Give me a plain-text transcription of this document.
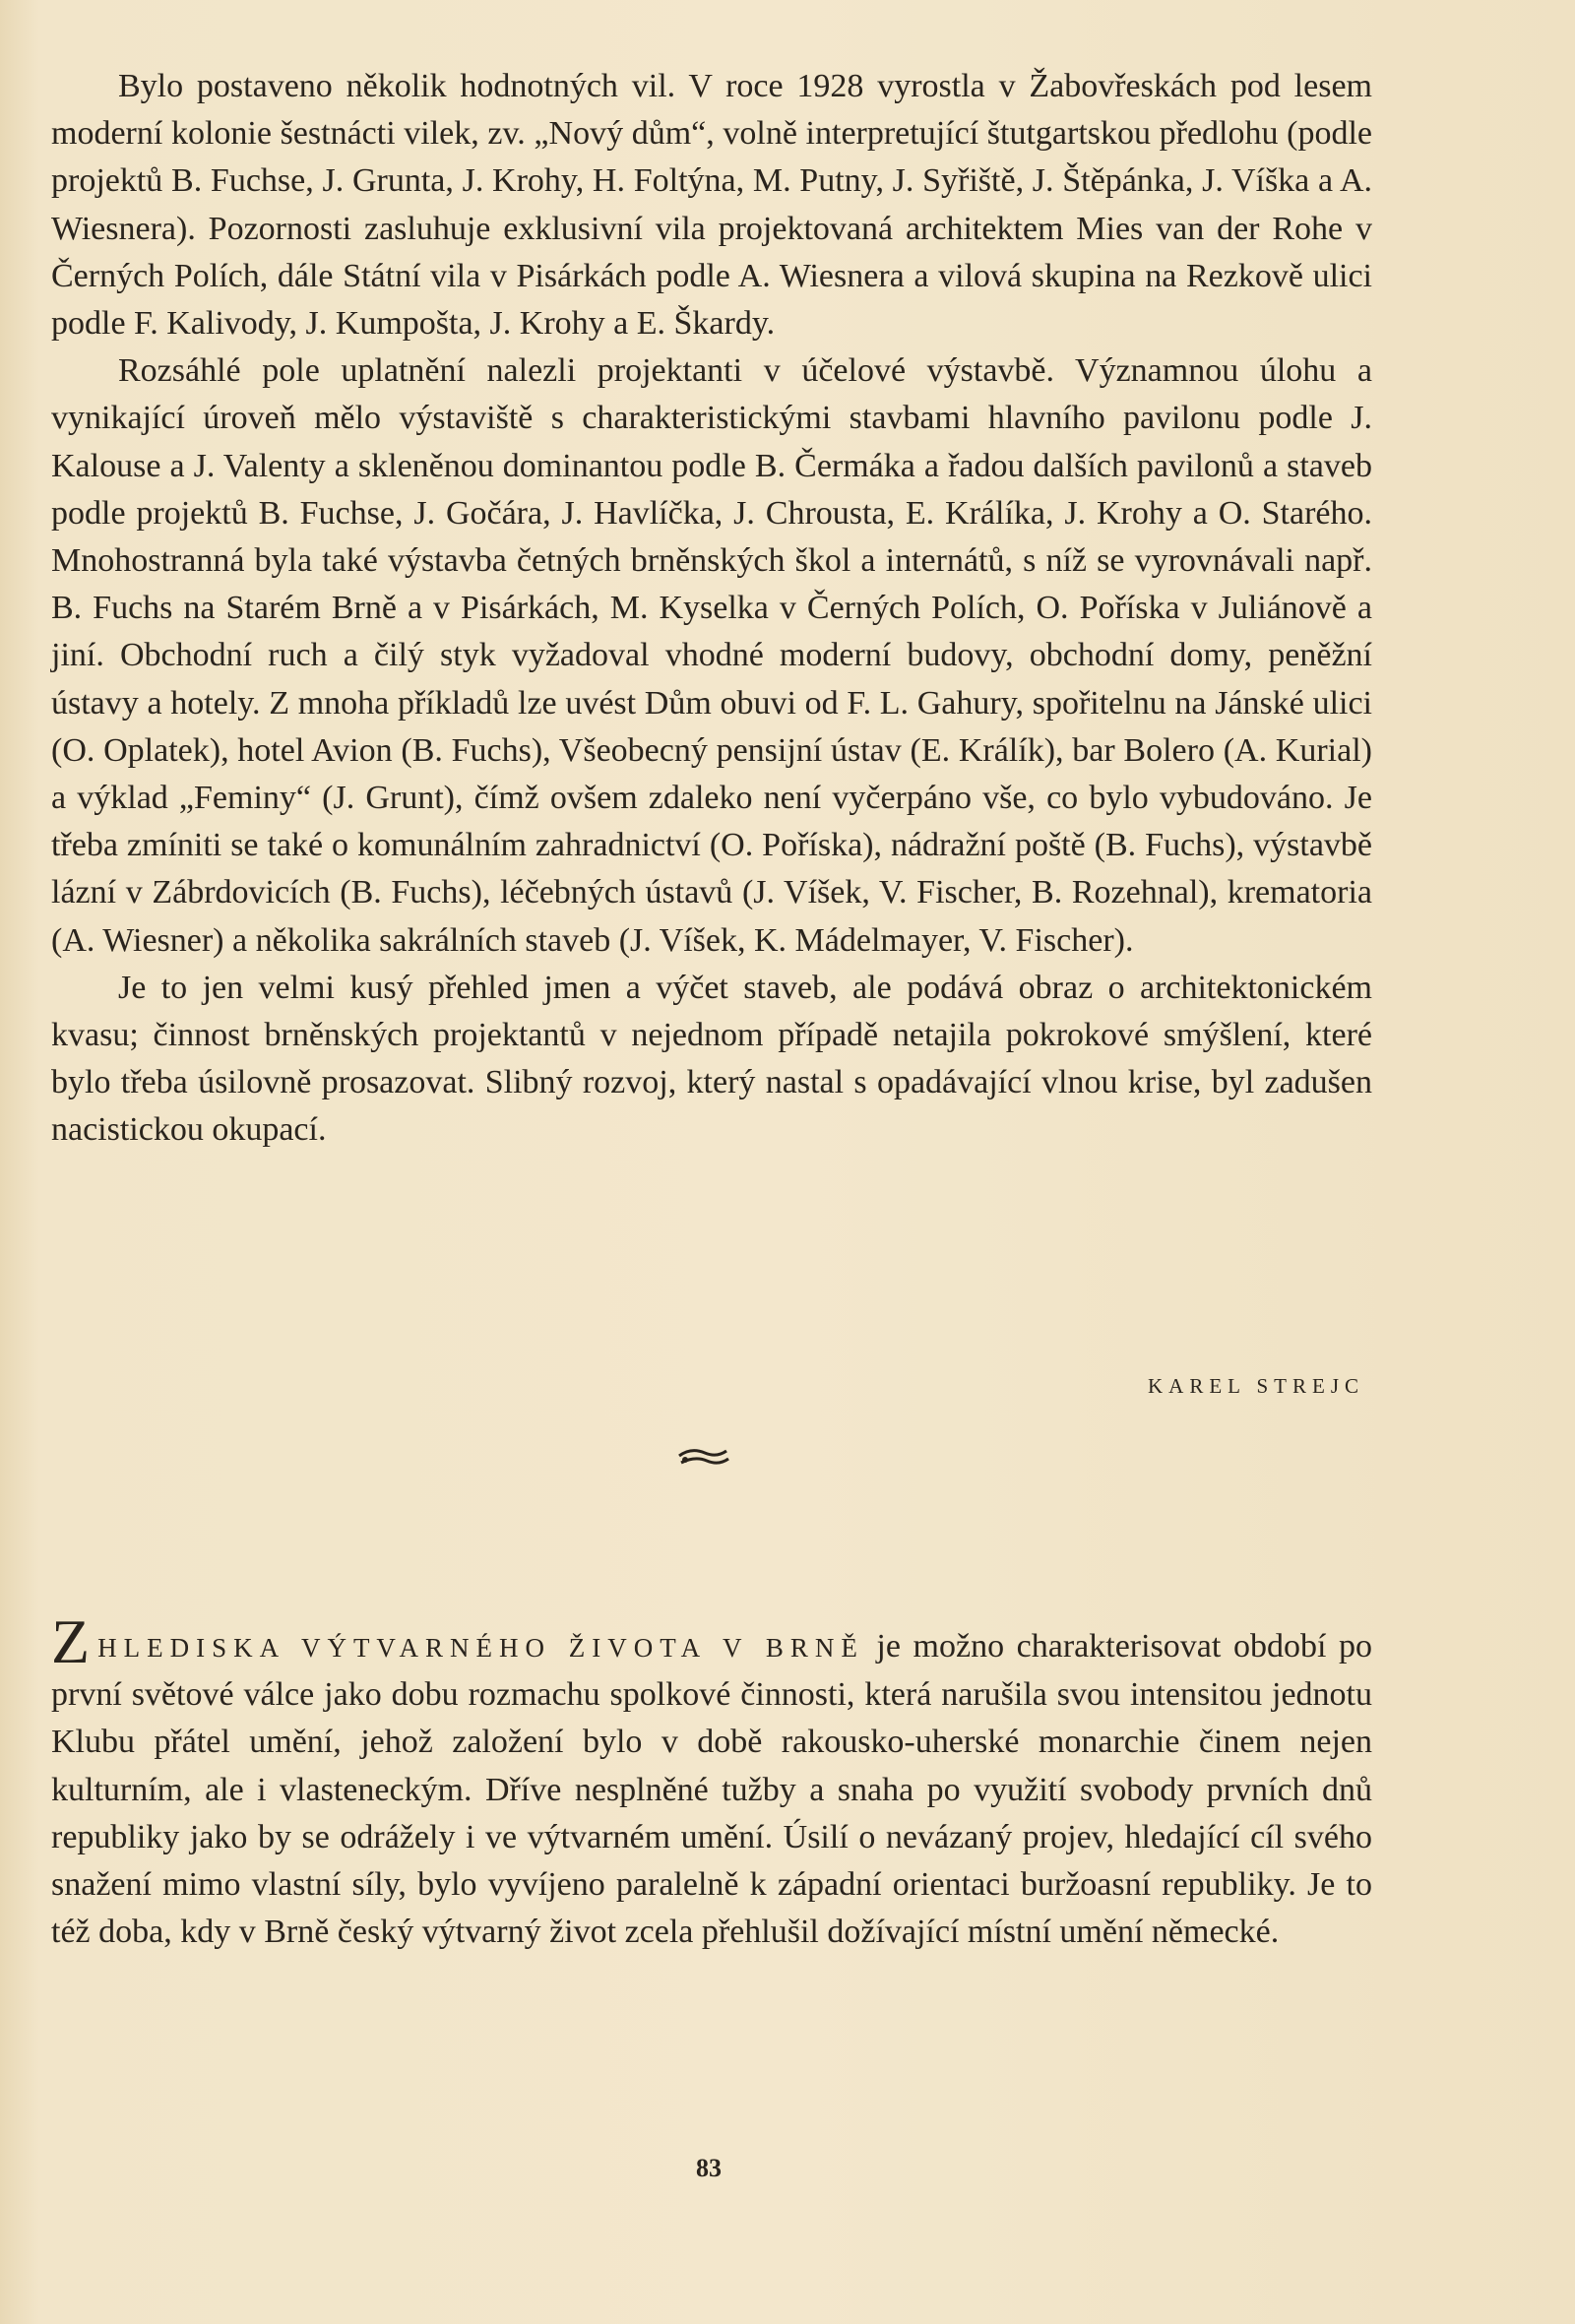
Bylo postaveno několik hodnotných vil. V roce 1928 vyrostla v Žabovřeskách pod lesem moderní kolonie šestnácti vilek, zv. „Nový dům“, volně interpretující štutgartskou předlohu (podle projektů B. Fuchse, J. Grunta, J. Krohy, H. Foltýna, M. Putny, J. Syřiště, J. Štěpánka, J. Víška a A. Wiesnera). Pozornosti zasluhuje exklusivní vila projektovaná architektem Mies van der Rohe v Černých Polích, dále Státní vila v Pisárkách podle A. Wiesnera a vilová skupina na Rezkově ulici podle F. Kalivody, J. Kumpošta, J. Krohy a E. Škardy.

Rozsáhlé pole uplatnění nalezli projektanti v účelové výstavbě. Významnou úlohu a vynikající úroveň mělo výstaviště s charakteristickými stavbami hlavního pavilonu podle J. Kalouse a J. Valenty a skleněnou dominantou podle B. Čermáka a řadou dalších pavilonů a staveb podle projektů B. Fuchse, J. Gočára, J. Havlíčka, J. Chrousta, E. Králíka, J. Krohy a O. Starého. Mnohostranná byla také výstavba četných brněnských škol a internátů, s níž se vyrovnávali např. B. Fuchs na Starém Brně a v Pisárkách, M. Kyselka v Černých Polích, O. Poříska v Juliánově a jiní. Obchodní ruch a čilý styk vyžadoval vhodné moderní budovy, obchodní domy, peněžní ústavy a hotely. Z mnoha příkladů lze uvést Dům obuvi od F. L. Gahury, spořitelnu na Jánské ulici (O. Oplatek), hotel Avion (B. Fuchs), Všeobecný pensijní ústav (E. Králík), bar Bolero (A. Kurial) a výklad „Feminy“ (J. Grunt), čímž ovšem zdaleko není vyčerpáno vše, co bylo vybudováno. Je třeba zmíniti se také o komunálním zahradnictví (O. Poříska), nádražní poště (B. Fuchs), výstavbě lázní v Zábrdovicích (B. Fuchs), léčebných ústavů (J. Víšek, V. Fischer, B. Rozehnal), krematoria (A. Wiesner) a několika sakrálních staveb (J. Víšek, K. Mádelmayer, V. Fischer).

Je to jen velmi kusý přehled jmen a výčet staveb, ale podává obraz o architektonickém kvasu; činnost brněnských projektantů v nejednom případě netajila pokrokové smýšlení, které bylo třeba úsilovně prosazovat. Slibný rozvoj, který nastal s opadávající vlnou krise, byl zadušen nacistickou okupací.

KAREL STREJC

ZHLEDISKA VÝTVARNÉHO ŽIVOTA V BRNĚ je možno charakterisovat období po první světové válce jako dobu rozmachu spolkové činnosti, která narušila svou intensitou jednotu Klubu přátel umění, jehož založení bylo v době rakousko-uherské monarchie činem nejen kulturním, ale i vlasteneckým. Dříve nesplněné tužby a snaha po využití svobody prvních dnů republiky jako by se odrážely i ve výtvarném umění. Úsilí o nevázaný projev, hledající cíl svého snažení mimo vlastní síly, bylo vyvíjeno paralelně k západní orientaci buržoasní republiky. Je to též doba, kdy v Brně český výtvarný život zcela přehlušil dožívající místní umění německé.

83
